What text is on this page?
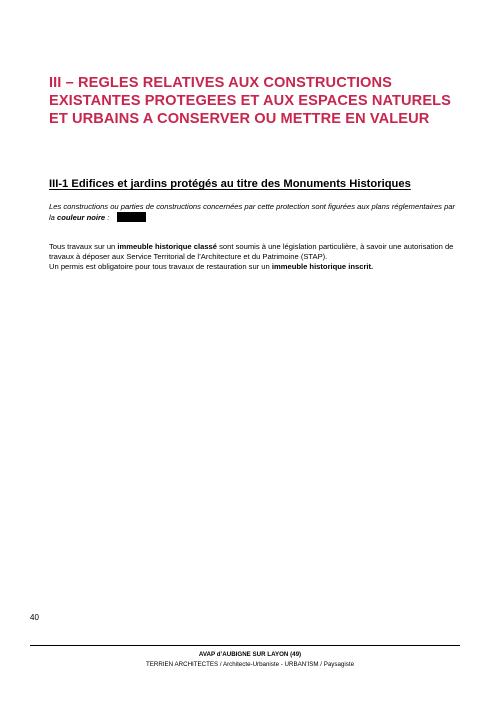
III – REGLES RELATIVES AUX CONSTRUCTIONS EXISTANTES PROTEGEES ET AUX ESPACES NATURELS ET URBAINS A CONSERVER OU METTRE EN VALEUR
III-1 Edifices et jardins protégés au titre des Monuments Historiques
Les constructions ou parties de constructions concernées par cette protection sont figurées aux plans réglementaires par la couleur noire :
Tous travaux sur un immeuble historique classé sont soumis à une législation particulière, à savoir une autorisation de travaux à déposer aux Service Territorial de l’Architecture et du Patrimoine (STAP).
Un permis est obligatoire pour tous travaux de restauration sur un immeuble historique inscrit.
40
AVAP d’AUBIGNE SUR LAYON (49)
TERRIEN ARCHITECTES / Architecte-Urbaniste - URBAN’ISM / Paysagiste
